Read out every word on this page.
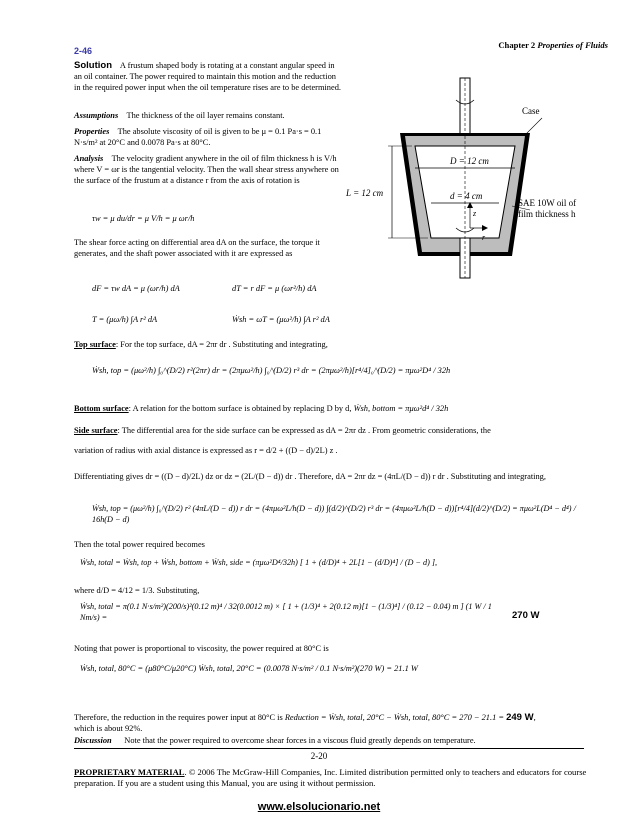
Chapter 2 Properties of Fluids
2-46
Solution A frustum shaped body is rotating at a constant angular speed in an oil container. The power required to maintain this motion and the reduction in the required power input when the oil temperature rises are to be determined.
Assumptions The thickness of the oil layer remains constant.
Properties The absolute viscosity of oil is given to be μ = 0.1 Pa·s = 0.1 N·s/m² at 20°C and 0.0078 Pa·s at 80°C.
Analysis The velocity gradient anywhere in the oil of film thickness h is V/h where V = ωr is the tangential velocity. Then the wall shear stress anywhere on the surface of the frustum at a distance r from the axis of rotation is
τw = μ du/dr = μ V/h = μ ωr/h
The shear force acting on differential area dA on the surface, the torque it generates, and the shaft power associated with it are expressed as
dF = τw dA = μ (ωr/h) dA	dT = r dF = μ (ωr²/h) dA
T = (μω/h) ∫A r² dA	Ẇsh = ωT = (μω²/h) ∫A r² dA
Case
D = 12 cm
L = 12 cm	d = 4 cm
z
r
SAE 10W oil of
film thickness h
Top surface: For the top surface, dA = 2πr dr . Substituting and integrating,
Ẇsh, top = (μω²/h) ∫₀^(D/2) r²(2πr) dr = (2πμω²/h) ∫₀^(D/2) r³ dr = (2πμω²/h)[r⁴/4]₀^(D/2) = πμω²D⁴ / 32h
Bottom surface: A relation for the bottom surface is obtained by replacing D by d, Ẇsh, bottom = πμω²d⁴ / 32h
Side surface: The differential area for the side surface can be expressed as dA = 2πr dz . From geometric considerations, the
variation of radius with axial distance is expressed as r = d/2 + ((D − d)/2L) z .
Differentiating gives dr = ((D − d)/2L) dz or dz = (2L/(D − d)) dr . Therefore, dA = 2πr dz = (4πL/(D − d)) r dr . Substituting and integrating,
Ẇsh, top = (μω²/h) ∫₀^(D/2) r² (4πL/(D − d)) r dr = (4πμω²L/h(D − d)) ∫(d/2)^(D/2) r³ dr = (4πμω²L/h(D − d))[r⁴/4](d/2)^(D/2) = πμω²L(D⁴ − d⁴) / 16h(D − d)
Then the total power required becomes
Ẇsh, total = Ẇsh, top + Ẇsh, bottom + Ẇsh, side = (πμω²D⁴/32h) [ 1 + (d/D)⁴ + 2L[1 − (d/D)⁴] / (D − d) ],
where d/D = 4/12 = 1/3. Substituting,
Ẇsh, total = π(0.1 N·s/m²)(200/s)²(0.12 m)⁴ / 32(0.0012 m) × [ 1 + (1/3)⁴ + 2(0.12 m)[1 − (1/3)⁴] / (0.12 − 0.04) m ] (1 W / 1 Nm/s) =	270 W
Noting that power is proportional to viscosity, the power required at 80°C is
Ẇsh, total, 80°C = (μ80°C/μ20°C) Ẇsh, total, 20°C = (0.0078 N·s/m² / 0.1 N·s/m²)(270 W) = 21.1 W
Therefore, the reduction in the requires power input at 80°C is Reduction = Ẇsh, total, 20°C − Ẇsh, total, 80°C = 270 − 21.1 = 249 W,
which is about 92%.
Discussion Note that the power required to overcome shear forces in a viscous fluid greatly depends on temperature.
2-20
PROPRIETARY MATERIAL. © 2006 The McGraw-Hill Companies, Inc. Limited distribution permitted only to teachers and educators for course preparation. If you are a student using this Manual, you are using it without permission.
www.elsolucionario.net
